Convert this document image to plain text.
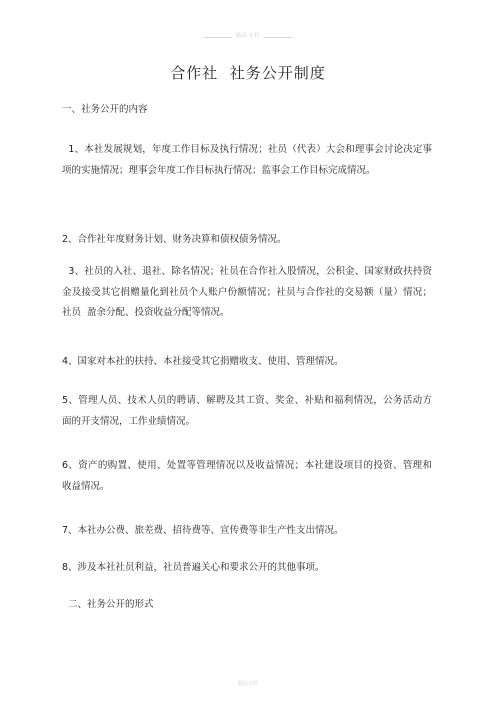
精品文档
合作社  社务公开制度
一、社务公开的内容
1、本社发展规划，年度工作目标及执行情况；社员（代表）大会和理事会讨论决定事  项的实施情况；理事会年度工作目标执行情况；监事会工作目标完成情况。
2、合作社年度财务计划、财务决算和债权债务情况。
3、社员的入社、退社、除名情况；社员在合作社入股情况，公积金、国家财政扶持资  金及接受其它捐赠量化到社员个人账户份额情况；社员与合作社的交易额（量）情况；社员  盈余分配、投资收益分配等情况。
4、国家对本社的扶持、本社接受其它捐赠收支、使用、管理情况。
5、管理人员、技术人员的聘请、解聘及其工资、奖金、补贴和福利情况，公务活动方  面的开支情况，工作业绩情况。
6、资产的购置、使用、处置等管理情况以及收益情况；本社建设项目的投资、管理和  收益情况。
7、本社办公费、旅差费、招待费等、宣传费等非生产性支出情况。
8、涉及本社社员利益，社员普遍关心和要求公开的其他事项。
二、社务公开的形式
精品文档
